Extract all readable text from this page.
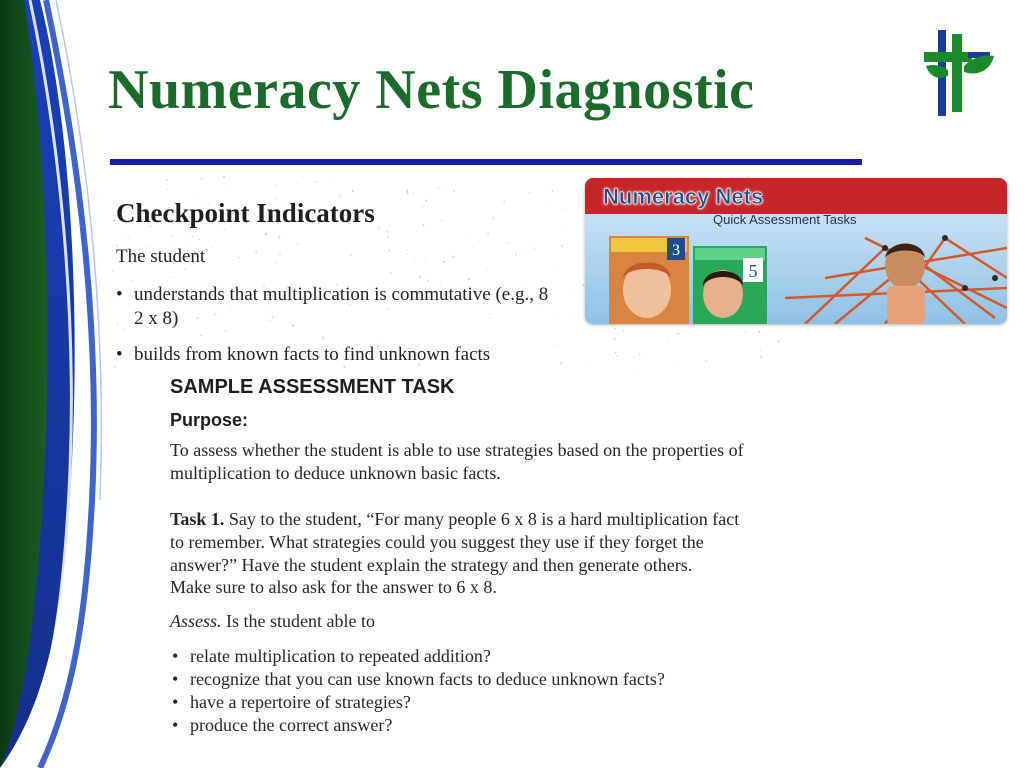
Numeracy Nets Diagnostic
Checkpoint Indicators
The student
• understands that multiplication is commutative (e.g., 8
2 x 8)
• builds from known facts to find unknown facts
SAMPLE ASSESSMENT TASK
Purpose:
To assess whether the student is able to use strategies based on the properties of
multiplication to deduce unknown basic facts.
Task 1. Say to the student, “For many people 6 x 8 is a hard multiplication fact
to remember. What strategies could you suggest they use if they forget the
answer?” Have the student explain the strategy and then generate others.
Make sure to also ask for the answer to 6 x 8.
Assess. Is the student able to
• relate multiplication to repeated addition?
• recognize that you can use known facts to deduce unknown facts?
• have a repertoire of strategies?
• produce the correct answer?
3
5
Numeracy Nets
Quick Assessment Tasks
